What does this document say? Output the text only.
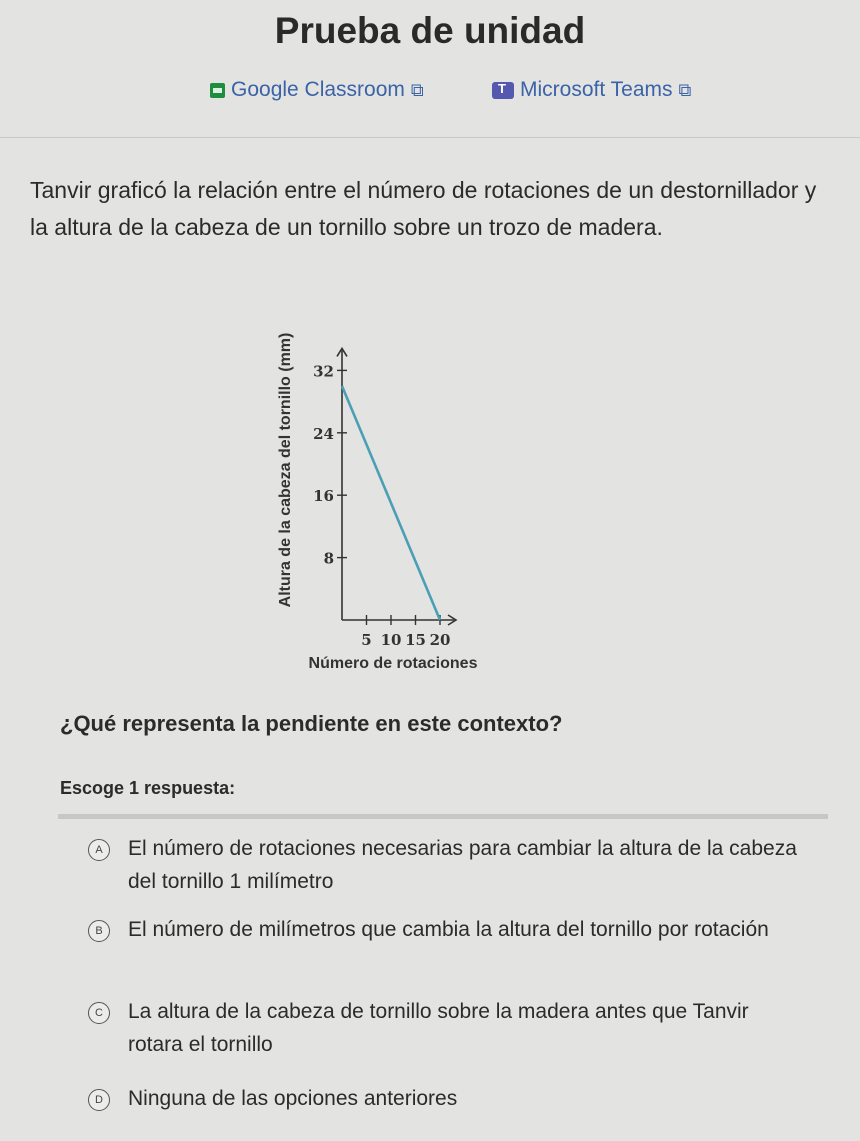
Prueba de unidad
Google Classroom ⧉
T	Microsoft Teams ⧉
Tanvir graficó la relación entre el número de rotaciones de un destornillador y la altura de la cabeza de un tornillo sobre un trozo de madera.
8
16
24
32
5 10 15 20
Número de rotaciones
Altura de la cabeza del tornillo (mm)
¿Qué representa la pendiente en este contexto?
Escoge 1 respuesta:
A	El número de rotaciones necesarias para cambiar la altura de la cabeza del tornillo 1 milímetro
B	El número de milímetros que cambia la altura del tornillo por rotación
C	La altura de la cabeza de tornillo sobre la madera antes que Tanvir rotara el tornillo
D	Ninguna de las opciones anteriores
